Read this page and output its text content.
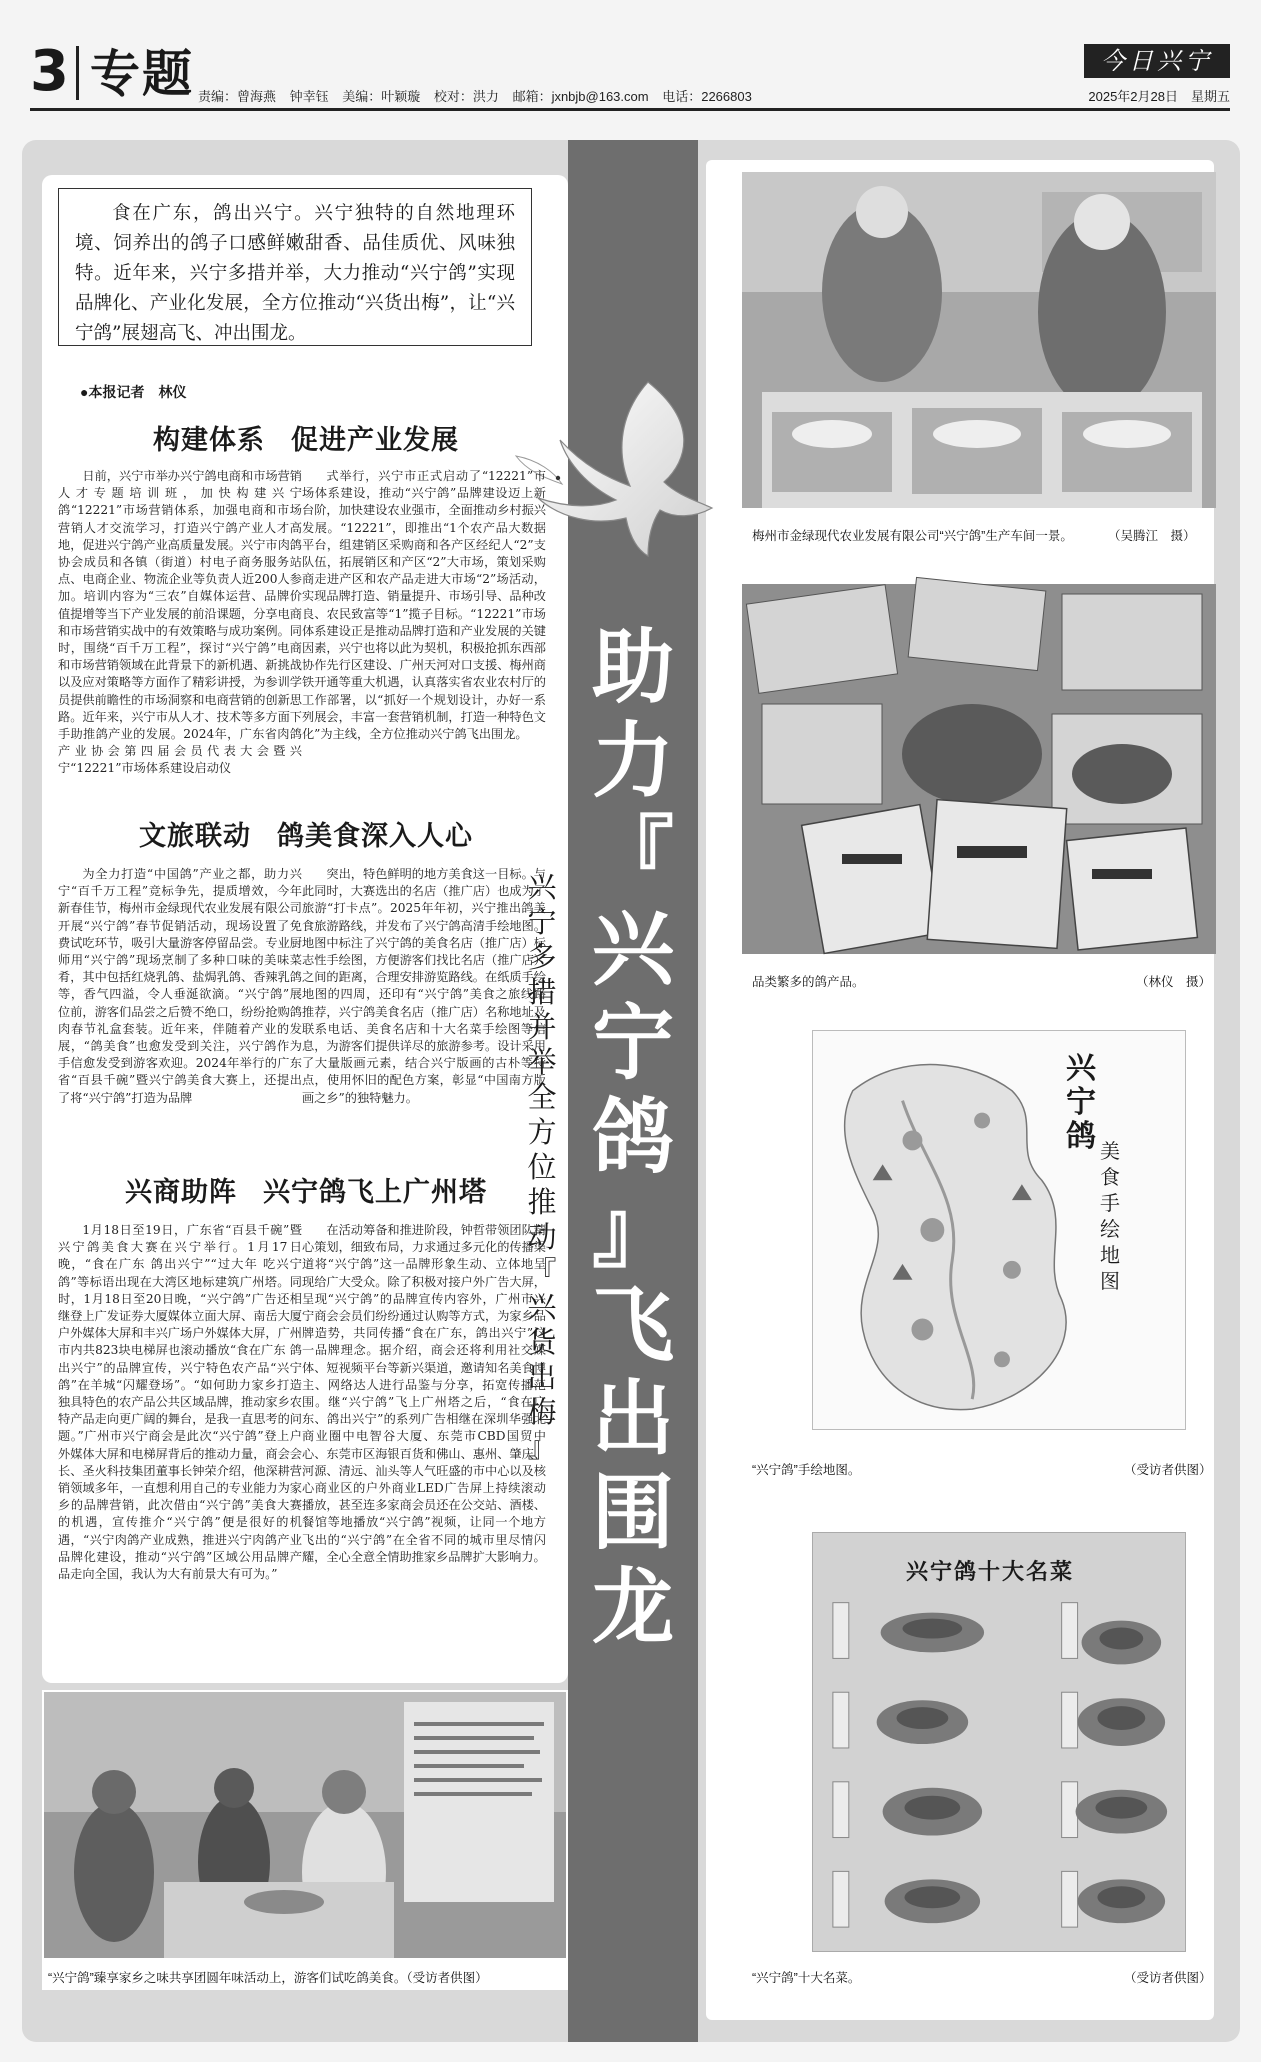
3 专题 责编：曾海燕 钟幸钰 美编：叶颖璇 校对：洪力 邮箱：jxnbjb@163.com 电话：2266803
今日兴宁
2025年2月28日　星期五
助
力
『
兴
宁
鸽
』
飞
出
围
龙
兴
宁
多
措
并
举
全
方
位
推
动
『
兴
货
出
梅
』

食在广东，鸽出兴宁。兴宁独特的自然地理环境、饲养出的鸽子口感鲜嫩甜香、品佳质优、风味独特。近年来，兴宁多措并举，大力推动“兴宁鸽”实现品牌化、产业化发展，全方位推动“兴货出梅”，让“兴宁鸽”展翅高飞、冲出围龙。

●本报记者　林仪
构建体系 促进产业发展

日前，兴宁市举办兴宁鸽电商和市场营销人才专题培训班，加快构建兴宁鸽“12221”市场营销体系，加强电商和市场营销人才交流学习，打造兴宁鸽产业人才高地，促进兴宁鸽产业高质量发展。兴宁市肉鸽协会成员和各镇（街道）村电子商务服务站点、电商企业、物流企业等负责人近200人参加。培训内容为“三农”自媒体运营、品牌价值提增等当下产业发展的前沿课题，分享电商和市场营销实战中的有效策略与成功案例。同时，围绕“百千万工程”，探讨“兴宁鸽”电商和市场营销领域在此背景下的新机遇、新挑战以及应对策略等方面作了精彩讲授，为参训学员提供前瞻性的市场洞察和电商营销的创新思路。近年来，兴宁市从人才、技术等多方面下手助推鸽产业的发展。2024年，广东省肉鸽产业协会第四届会员代表大会暨兴宁“12221”市场体系建设启动仪

式举行，兴宁市正式启动了“12221”市场体系建设，推动“兴宁鸽”品牌建设迈上新台阶，加快建设农业强市，全面推动乡村振兴发展。“12221”，即推出“1个农产品大数据平台，组建销区采购商和各产区经纪人“2”支队伍，拓展销区和产区“2”大市场，策划采购商走进产区和农产品走进大市场“2”场活动，实现品牌打造、销量提升、市场引导、品种改良、农民致富等“1”揽子目标。“12221”市场体系建设正是推动品牌打造和产业发展的关键因素，兴宁也将以此为契机，积极抢抓东西部协作先行区建设、广州天河对口支援、梅州商铁开通等重大机遇，认真落实省农业农村厅的工作部署，以“抓好一个规划设计，办好一系列展会，丰富一套营销机制，打造一种特色文化”为主线，全方位推动兴宁鸽飞出围龙。

文旅联动 鸽美食深入人心

为全力打造“中国鸽”产业之都，助力兴宁“百千万工程”竞标争先，提质增效，今年新春佳节，梅州市金绿现代农业发展有限公司开展“兴宁鸽”春节促销活动，现场设置了免费试吃环节，吸引大量游客停留品尝。专业厨师用“兴宁鸽”现场烹制了多种口味的美味菜肴，其中包括红烧乳鸽、盐焗乳鸽、香辣乳鸽等，香气四溢，令人垂涎欲滴。“兴宁鸽”展位前，游客们品尝之后赞不绝口，纷纷抢购鸽肉春节礼盒套装。近年来，伴随着产业的发展，“鸽美食”也愈发受到关注，兴宁鸽作为手信愈发受到游客欢迎。2024年举行的广东省“百县千碗”暨兴宁鸽美食大赛上，还提出了将“兴宁鸽”打造为品牌

突出，特色鲜明的地方美食这一目标。与此同时，大赛选出的名店（推广店）也成为了旅游“打卡点”。2025年年初，兴宁推出鸽美食旅游路线，并发布了兴宁鸽高清手绘地图。地图中标注了兴宁鸽的美食名店（推广店）标志性手绘图，方便游客们找比名店（推广店）之间的距离，合理安排游览路线。在纸质手绘地图的四周，还印有“兴宁鸽”美食之旅线路推荐，兴宁鸽美食名店（推广店）名称地址及联系电话、美食名店和十大名菜手绘图等信息，为游客们提供详尽的旅游参考。设计采用了大量版画元素，结合兴宁版画的古朴等特点，使用怀旧的配色方案，彰显“中国南方版画之乡”的独特魅力。

兴商助阵 兴宁鸽飞上广州塔

1月18日至19日，广东省“百县千碗”暨兴宁鸽美食大赛在兴宁举行。1月17日晚，“食在广东 鸽出兴宁”“过大年 吃兴宁鸽”等标语出现在大湾区地标建筑广州塔。同时，1月18日至20日晚，“兴宁鸽”广告还相继登上广发证券大厦媒体立面大屏、南岳大厦户外媒体大屏和丰兴广场户外媒体大屏，广州市内共823块电梯屏也滚动播放“食在广东 鸽出兴宁”的品牌宣传，兴宁特色农产品“兴宁鸽”在羊城“闪耀登场”。“如何助力家乡打造独具特色的农产品公共区域品牌，推动家乡农特产品走向更广阔的舞台，是我一直思考的问题。”广州市兴宁商会是此次“兴宁鸽”登上户外媒体大屏和电梯屏背后的推动力量，商会会长、圣火科技集团董事长钟荣介绍，他深耕营销领域多年，一直想利用自己的专业能力为家乡的品牌营销，此次借由“兴宁鸽”美食大赛的机遇，宣传推介“兴宁鸽”便是很好的机遇，“兴宁肉鸽产业成熟，推进兴宁肉鸽产业品牌化建设，推动“兴宁鸽”区域公用品牌产品走向全国，我认为大有前景大有可为。”

在活动筹备和推进阶段，钟哲带领团队精心策划，细致布局，力求通过多元化的传播渠道将“兴宁鸽”这一品牌形象生动、立体地呈现给广大受众。除了积极对接户外广告大屏，呈现“兴宁鸽”的品牌宣传内容外，广州市兴宁商会会员们纷纷通过认购等方式，为家乡品牌造势，共同传播“食在广东，鸽出兴宁”这一品牌理念。据介绍，商会还将利用社交媒体、短视频平台等新兴渠道，邀请知名美食博主、网络达人进行品鉴与分享，拓宽传播范围。继“兴宁鸽”飞上广州塔之后，“食在广东、鸽出兴宁”的系列广告相继在深圳华强北商业圈中电智谷大厦、东莞市CBD国贸中心、东莞市区海银百货和佛山、惠州、肇庆、河源、清远、汕头等人气旺盛的市中心以及核心商业区的户外商业LED广告屏上持续滚动播放，甚至连多家商会员还在公交站、酒楼、餐馆等地播放“兴宁鸽”视频，让同一个地方飞出的“兴宁鸽”在全省不同的城市里尽情闪耀，全心全意全情助推家乡品牌扩大影响力。

“兴宁鸽”臻享家乡之味共享团圆年味活动上，游客们试吃鸽美食。（受访者供图）
梅州市金绿现代农业发展有限公司“兴宁鸽”生产车间一景。	（吴腾江　摄）
品类繁多的鸽产品。	（林仪　摄）
兴
宁
鸽 美
食
手
绘
地
图
“兴宁鸽”手绘地图。	（受访者供图）
兴宁鸽十大名菜
“兴宁鸽”十大名菜。	（受访者供图）
